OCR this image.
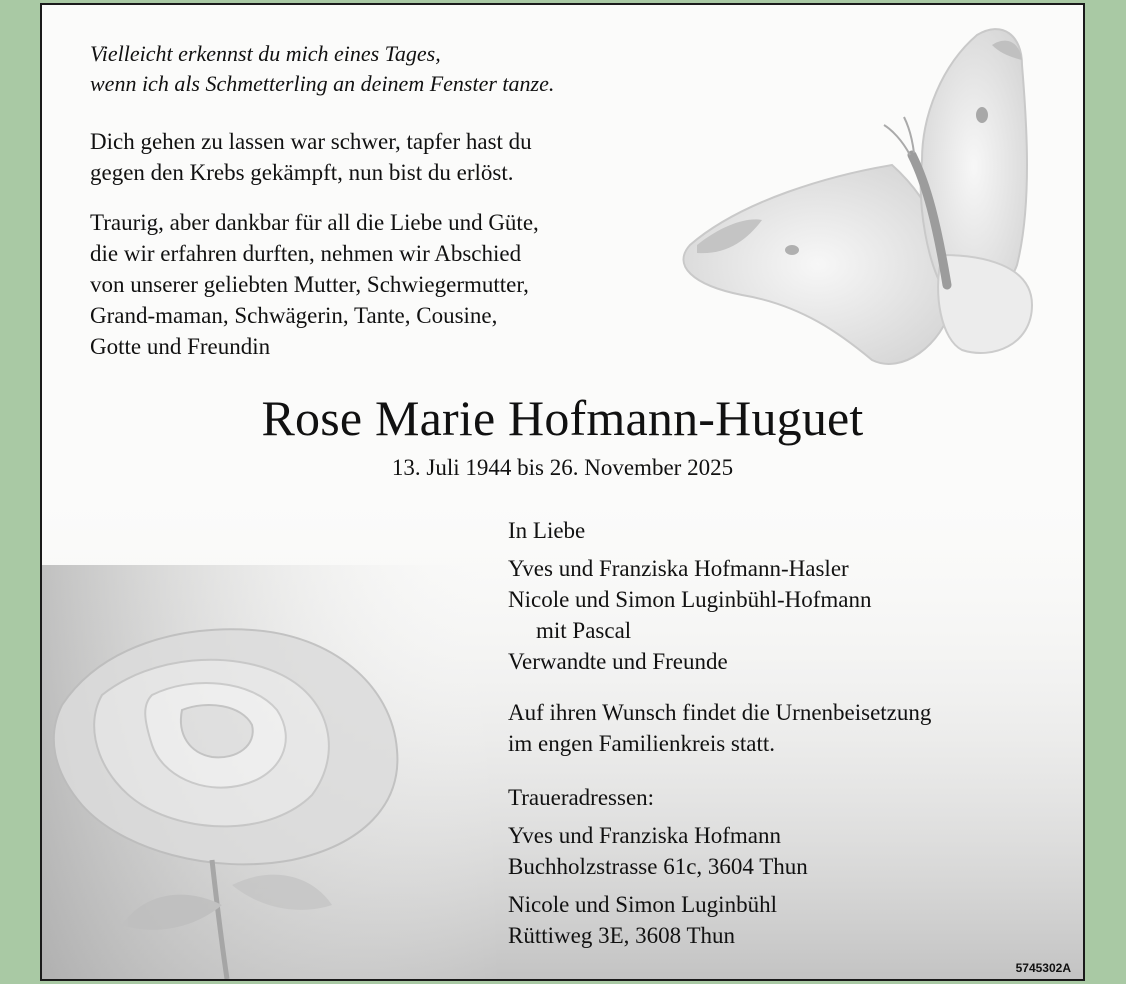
Vielleicht erkennst du mich eines Tages,
wenn ich als Schmetterling an deinem Fenster tanze.
Dich gehen zu lassen war schwer, tapfer hast du
gegen den Krebs gekämpft, nun bist du erlöst.
Traurig, aber dankbar für all die Liebe und Güte,
die wir erfahren durften, nehmen wir Abschied
von unserer geliebten Mutter, Schwiegermutter,
Grand-maman, Schwägerin, Tante, Cousine,
Gotte und Freundin
Rose Marie Hofmann-Huguet
13. Juli 1944 bis 26. November 2025
In Liebe
Yves und Franziska Hofmann-Hasler
Nicole und Simon Luginbühl-Hofmann
mit Pascal
Verwandte und Freunde
Auf ihren Wunsch findet die Urnenbeisetzung
im engen Familienkreis statt.
Traueradressen:
Yves und Franziska Hofmann
Buchholzstrasse 61c, 3604 Thun
Nicole und Simon Luginbühl
Rüttiweg 3E, 3608 Thun
5745302A
